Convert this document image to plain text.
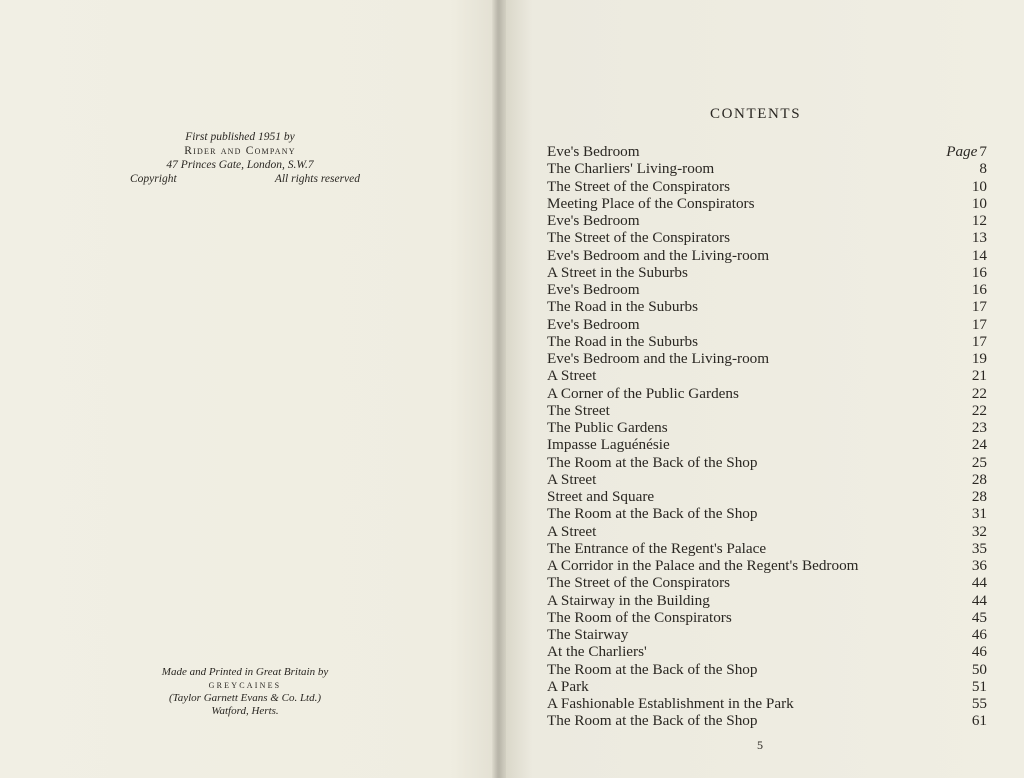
First published 1951 by
Rider and Company
47 Princes Gate, London, S.W.7
Copyright	All rights reserved
Made and Printed in Great Britain by
GREYCAINES
(Taylor Garnett Evans & Co. Ltd.)
Watford, Herts.
CONTENTS
Eve's Bedroom	Page 7
The Charliers' Living-room	8
The Street of the Conspirators	10
Meeting Place of the Conspirators	10
Eve's Bedroom	12
The Street of the Conspirators	13
Eve's Bedroom and the Living-room	14
A Street in the Suburbs	16
Eve's Bedroom	16
The Road in the Suburbs	17
Eve's Bedroom	17
The Road in the Suburbs	17
Eve's Bedroom and the Living-room	19
A Street	21
A Corner of the Public Gardens	22
The Street	22
The Public Gardens	23
Impasse Laguénésie	24
The Room at the Back of the Shop	25
A Street	28
Street and Square	28
The Room at the Back of the Shop	31
A Street	32
The Entrance of the Regent's Palace	35
A Corridor in the Palace and the Regent's Bedroom	36
The Street of the Conspirators	44
A Stairway in the Building	44
The Room of the Conspirators	45
The Stairway	46
At the Charliers'	46
The Room at the Back of the Shop	50
A Park	51
A Fashionable Establishment in the Park	55
The Room at the Back of the Shop	61
5
